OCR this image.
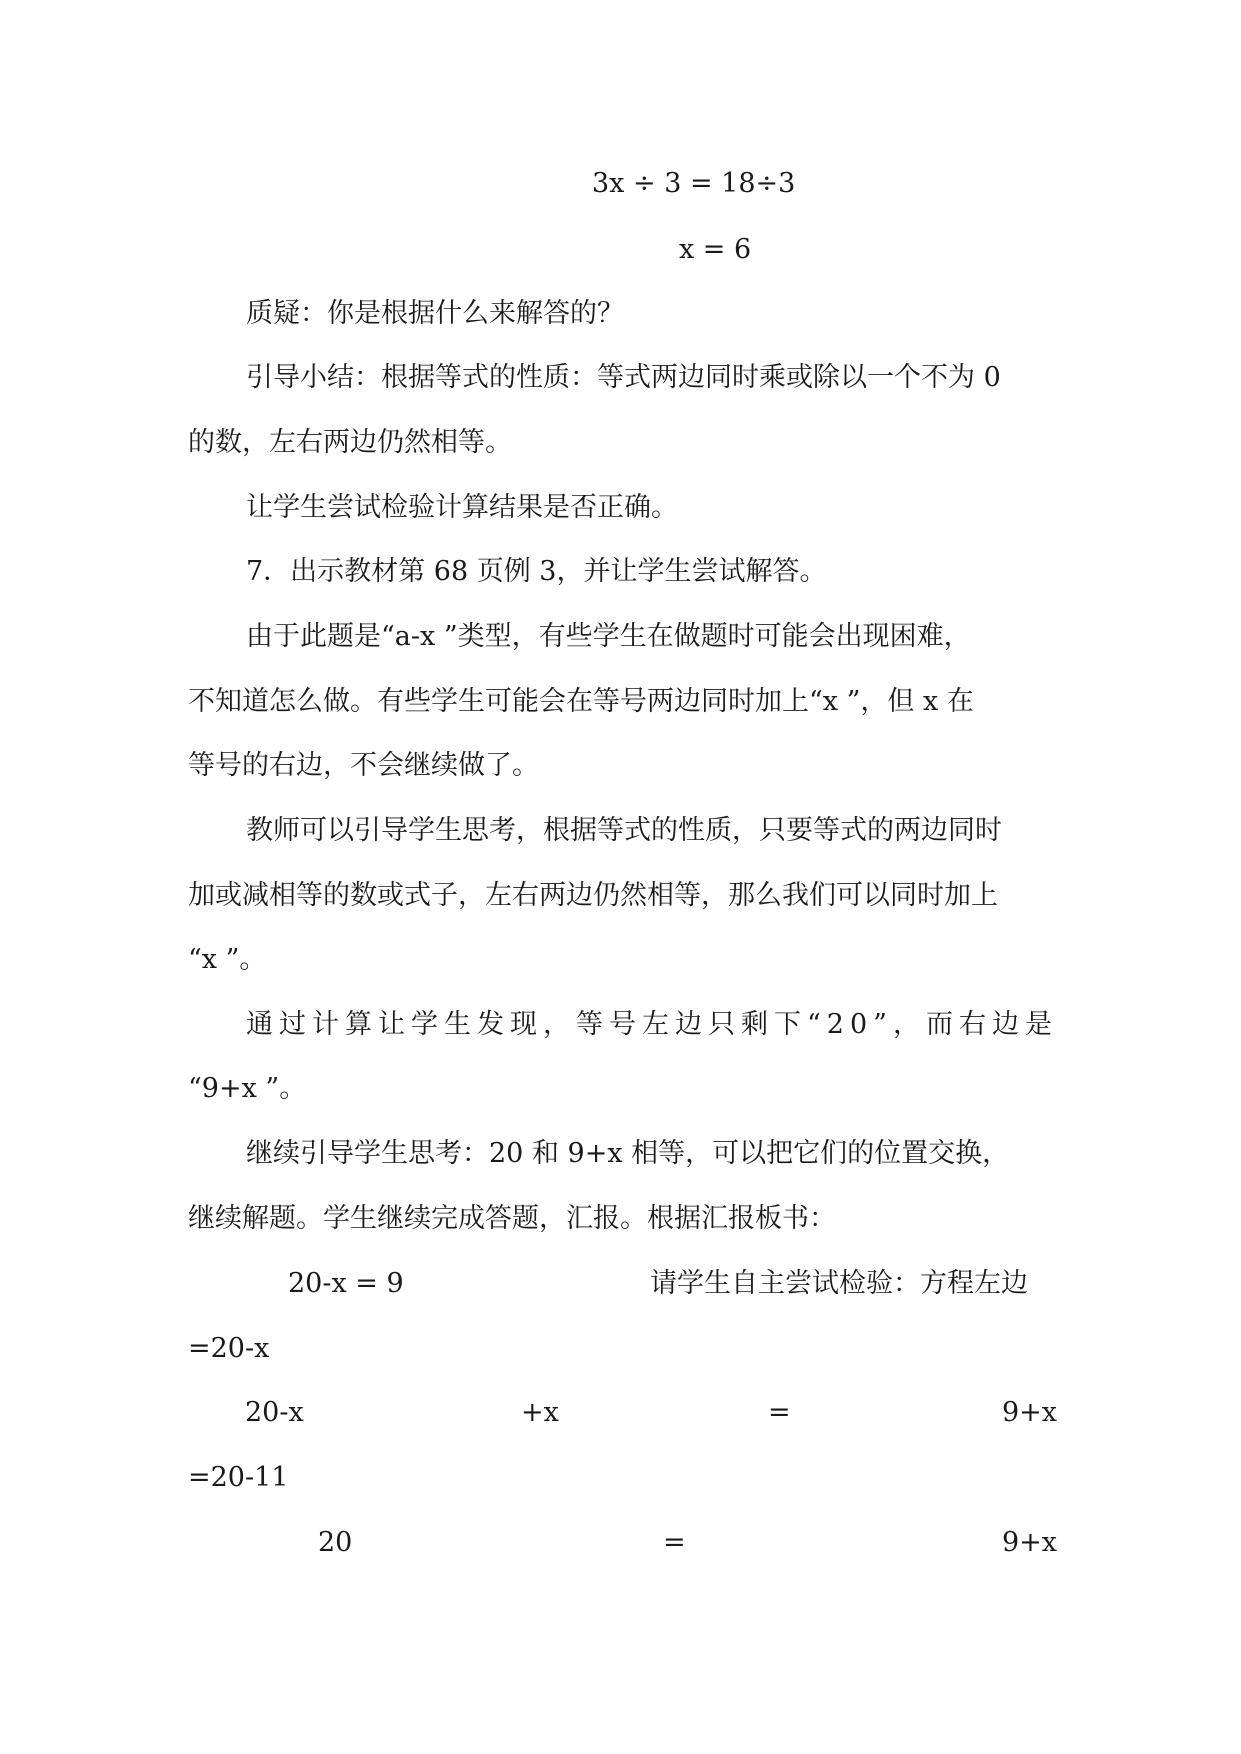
3x ÷ 3 = 18÷3
x = 6
质疑：你是根据什么来解答的？
引导小结：根据等式的性质：等式两边同时乘或除以一个不为 0
的数，左右两边仍然相等。
让学生尝试检验计算结果是否正确。
7．出示教材第 68 页例 3，并让学生尝试解答。
由于此题是“a-x ”类型，有些学生在做题时可能会出现困难，
不知道怎么做。有些学生可能会在等号两边同时加上“x ”，但 x 在
等号的右边，不会继续做了。
教师可以引导学生思考，根据等式的性质，只要等式的两边同时
加或减相等的数或式子，左右两边仍然相等，那么我们可以同时加上
“x ”。
通过计算让学生发现，等号左边只剩下“20”，而右边是
“9+x ”。
继续引导学生思考：20 和 9+x 相等，可以把它们的位置交换，
继续解题。学生继续完成答题，汇报。根据汇报板书：
20-x = 9	请学生自主尝试检验：方程左边
=20-x
20-x	+x	=	9+x
=20-11
20	=	9+x
